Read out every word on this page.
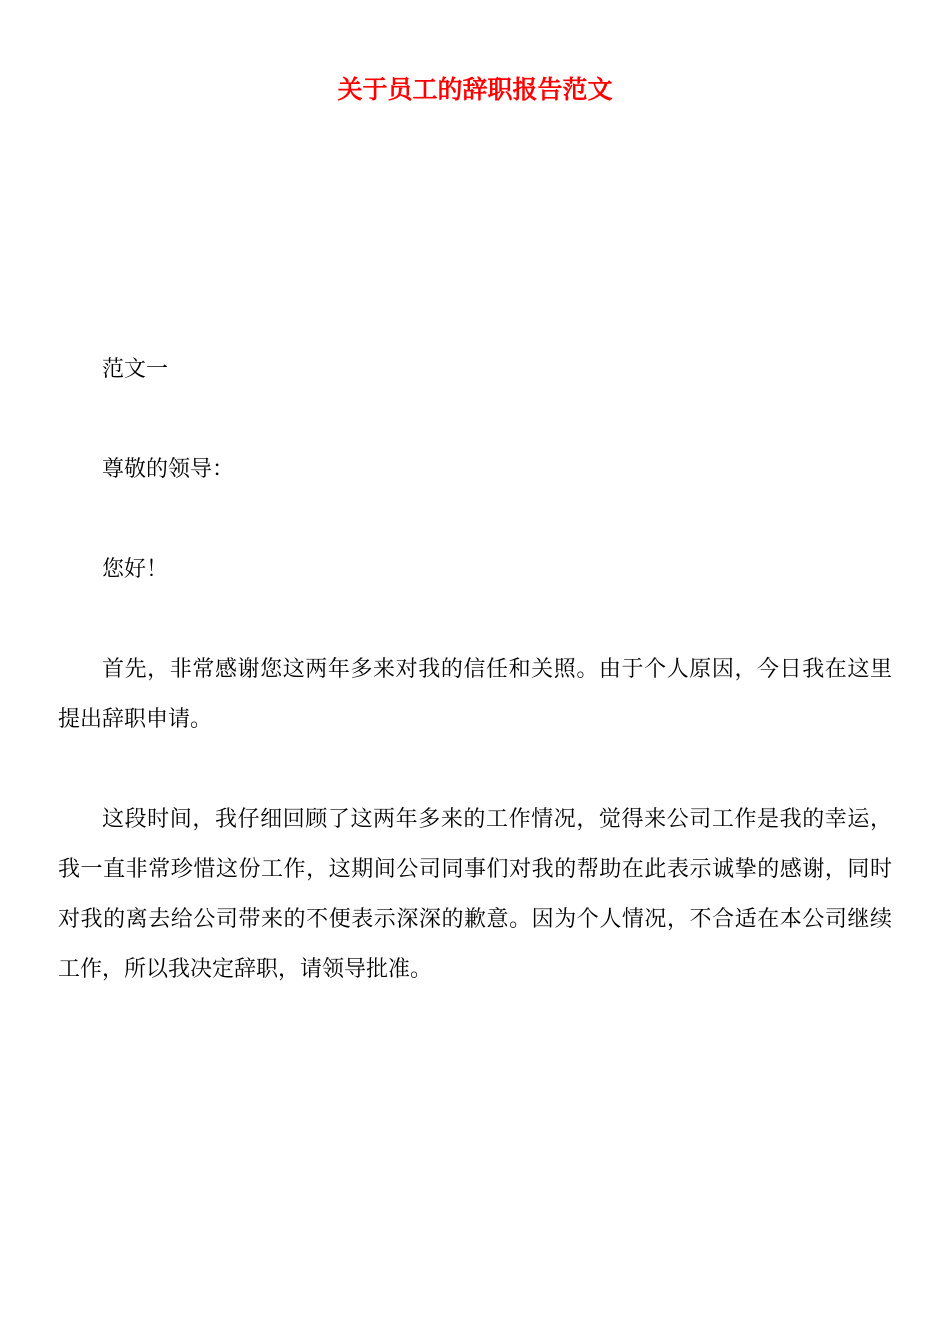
关于员工的辞职报告范文

范文一

尊敬的领导：

您好！

首先，非常感谢您这两年多来对我的信任和关照。由于个人原因，今日我在这里提出辞职申请。

这段时间，我仔细回顾了这两年多来的工作情况，觉得来公司工作是我的幸运，我一直非常珍惜这份工作，这期间公司同事们对我的帮助在此表示诚挚的感谢，同时对我的离去给公司带来的不便表示深深的歉意。因为个人情况，不合适在本公司继续工作，所以我决定辞职，请领导批准。
